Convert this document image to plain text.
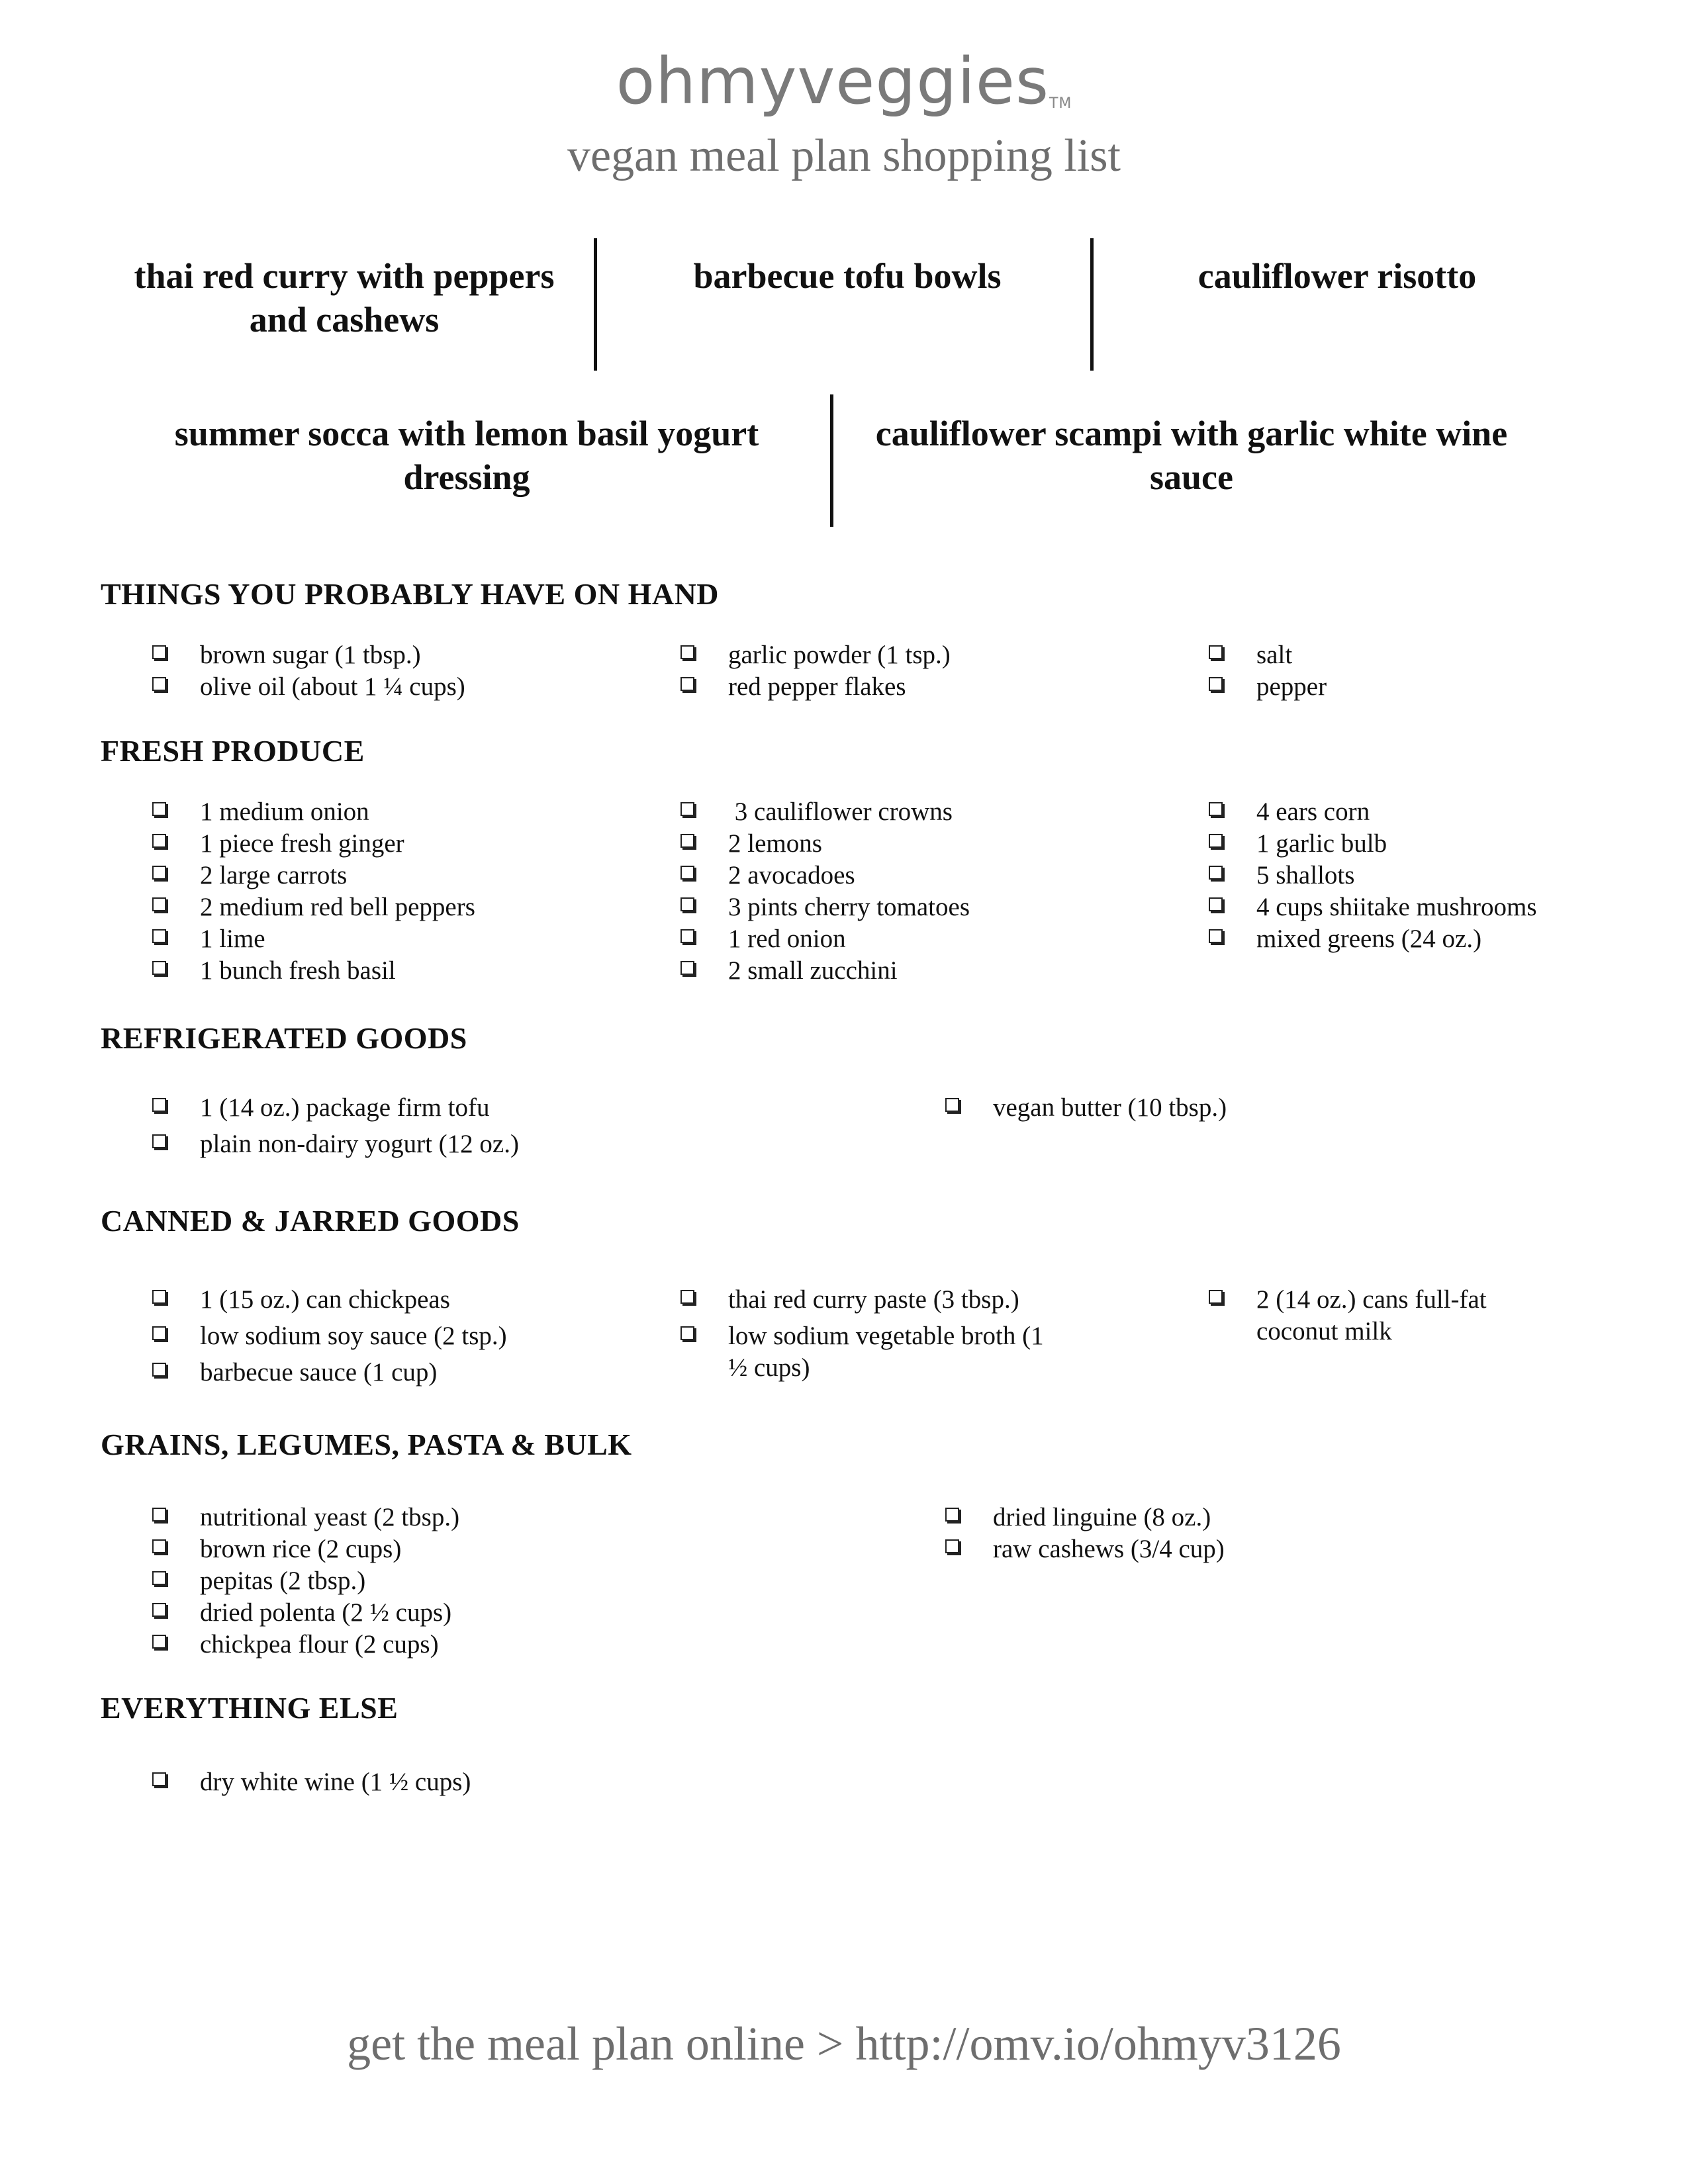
ohmyveggies™
vegan meal plan shopping list
thai red curry with peppers and cashews
barbecue tofu bowls	cauliflower risotto
summer socca with lemon basil yogurt dressing
cauliflower scampi with garlic white wine sauce
THINGS YOU PROBABLY HAVE ON HAND
brown sugar (1 tbsp.)
olive oil (about 1 ¼ cups)
garlic powder (1 tsp.)
red pepper flakes
salt
pepper
FRESH PRODUCE
1 medium onion
1 piece fresh ginger
2 large carrots
2 medium red bell peppers
1 lime
1 bunch fresh basil
3 cauliflower crowns
2 lemons
2 avocadoes
3 pints cherry tomatoes
1 red onion
2 small zucchini
4 ears corn
1 garlic bulb
5 shallots
4 cups shiitake mushrooms
mixed greens (24 oz.)
REFRIGERATED GOODS
1 (14 oz.) package firm tofu
plain non-dairy yogurt (12 oz.)
vegan butter (10 tbsp.)
CANNED & JARRED GOODS
1 (15 oz.) can chickpeas
low sodium soy sauce (2 tsp.)
barbecue sauce (1 cup)
thai red curry paste (3 tbsp.)
low sodium vegetable broth (1 ½ cups)
2 (14 oz.) cans full-fat coconut milk
GRAINS, LEGUMES, PASTA & BULK
nutritional yeast (2 tbsp.)
brown rice (2 cups)
pepitas (2 tbsp.)
dried polenta (2 ½ cups)
chickpea flour (2 cups)
dried linguine (8 oz.)
raw cashews (3/4 cup)
EVERYTHING ELSE
dry white wine (1 ½ cups)
get the meal plan online > http://omv.io/ohmyv3126
